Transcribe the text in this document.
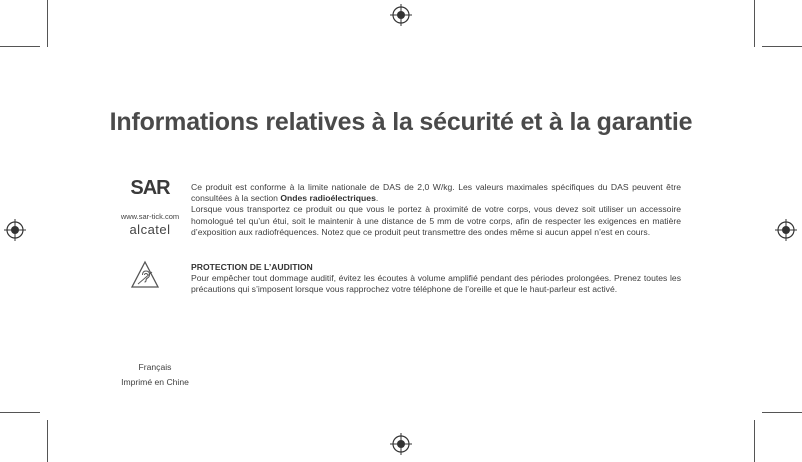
Informations relatives à la sécurité et à la garantie
SAR
www.sar-tick.com
alcatel

Ce produit est conforme à la limite nationale de DAS de 2,0 W/kg. Les valeurs maximales spécifiques du DAS peuvent être consultées à la section Ondes radioélectriques.

Lorsque vous transportez ce produit ou que vous le portez à proximité de votre corps, vous devez soit utiliser un accessoire homologué tel qu’un étui, soit le maintenir à une distance de 5 mm de votre corps, afin de respecter les exigences en matière d’exposition aux radiofréquences. Notez que ce produit peut transmettre des ondes même si aucun appel n’est en cours.

PROTECTION DE L’AUDITION

Pour empêcher tout dommage auditif, évitez les écoutes à volume amplifié pendant des périodes prolongées. Prenez toutes les précautions qui s’imposent lorsque vous rapprochez votre téléphone de l’oreille et que le haut-parleur est activé.

Français
Imprimé en Chine
